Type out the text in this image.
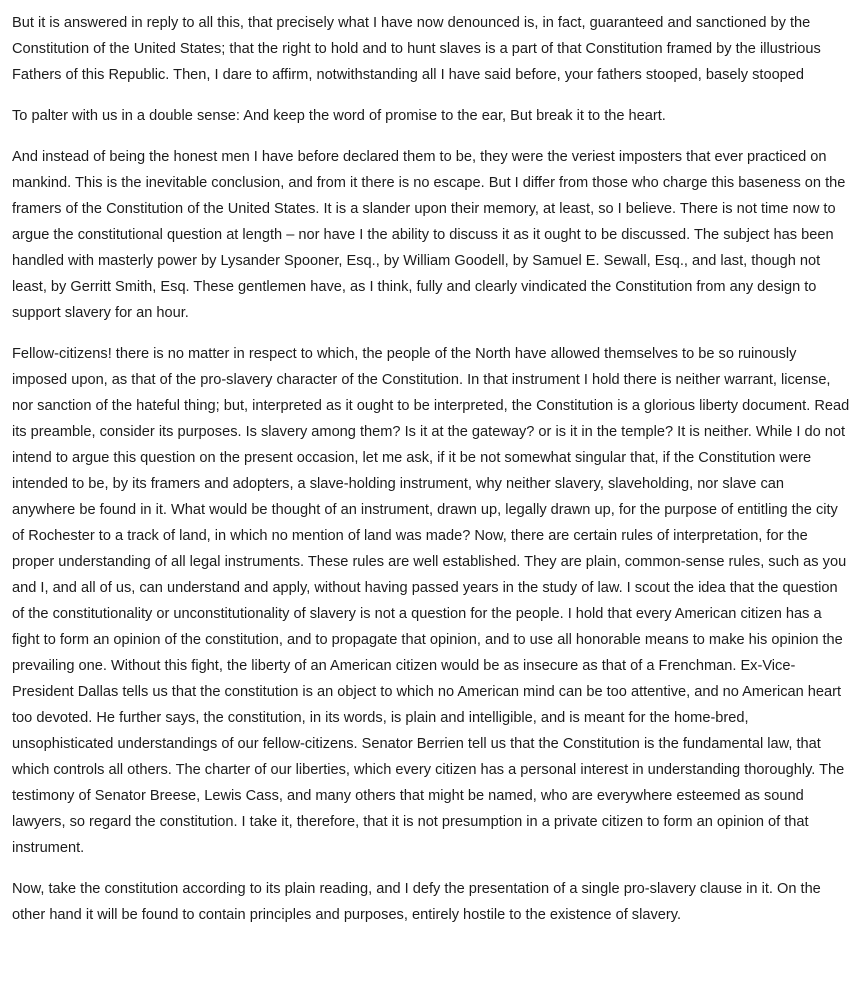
But it is answered in reply to all this, that precisely what I have now denounced is, in fact, guaranteed and sanctioned by the Constitution of the United States; that the right to hold and to hunt slaves is a part of that Constitution framed by the illustrious Fathers of this Republic. Then, I dare to affirm, notwithstanding all I have said before, your fathers stooped, basely stooped

To palter with us in a double sense: And keep the word of promise to the ear, But break it to the heart.

And instead of being the honest men I have before declared them to be, they were the veriest imposters that ever practiced on mankind. This is the inevitable conclusion, and from it there is no escape. But I differ from those who charge this baseness on the framers of the Constitution of the United States. It is a slander upon their memory, at least, so I believe. There is not time now to argue the constitutional question at length – nor have I the ability to discuss it as it ought to be discussed. The subject has been handled with masterly power by Lysander Spooner, Esq., by William Goodell, by Samuel E. Sewall, Esq., and last, though not least, by Gerritt Smith, Esq. These gentlemen have, as I think, fully and clearly vindicated the Constitution from any design to support slavery for an hour.

Fellow-citizens! there is no matter in respect to which, the people of the North have allowed themselves to be so ruinously imposed upon, as that of the pro-slavery character of the Constitution. In that instrument I hold there is neither warrant, license, nor sanction of the hateful thing; but, interpreted as it ought to be interpreted, the Constitution is a glorious liberty document. Read its preamble, consider its purposes. Is slavery among them? Is it at the gateway? or is it in the temple? It is neither. While I do not intend to argue this question on the present occasion, let me ask, if it be not somewhat singular that, if the Constitution were intended to be, by its framers and adopters, a slave-holding instrument, why neither slavery, slaveholding, nor slave can anywhere be found in it. What would be thought of an instrument, drawn up, legally drawn up, for the purpose of entitling the city of Rochester to a track of land, in which no mention of land was made? Now, there are certain rules of interpretation, for the proper understanding of all legal instruments. These rules are well established. They are plain, common-sense rules, such as you and I, and all of us, can understand and apply, without having passed years in the study of law. I scout the idea that the question of the constitutionality or unconstitutionality of slavery is not a question for the people. I hold that every American citizen has a fight to form an opinion of the constitution, and to propagate that opinion, and to use all honorable means to make his opinion the prevailing one. Without this fight, the liberty of an American citizen would be as insecure as that of a Frenchman. Ex-Vice-President Dallas tells us that the constitution is an object to which no American mind can be too attentive, and no American heart too devoted. He further says, the constitution, in its words, is plain and intelligible, and is meant for the home-bred, unsophisticated understandings of our fellow-citizens. Senator Berrien tell us that the Constitution is the fundamental law, that which controls all others. The charter of our liberties, which every citizen has a personal interest in understanding thoroughly. The testimony of Senator Breese, Lewis Cass, and many others that might be named, who are everywhere esteemed as sound lawyers, so regard the constitution. I take it, therefore, that it is not presumption in a private citizen to form an opinion of that instrument.

Now, take the constitution according to its plain reading, and I defy the presentation of a single pro-slavery clause in it. On the other hand it will be found to contain principles and purposes, entirely hostile to the existence of slavery.
